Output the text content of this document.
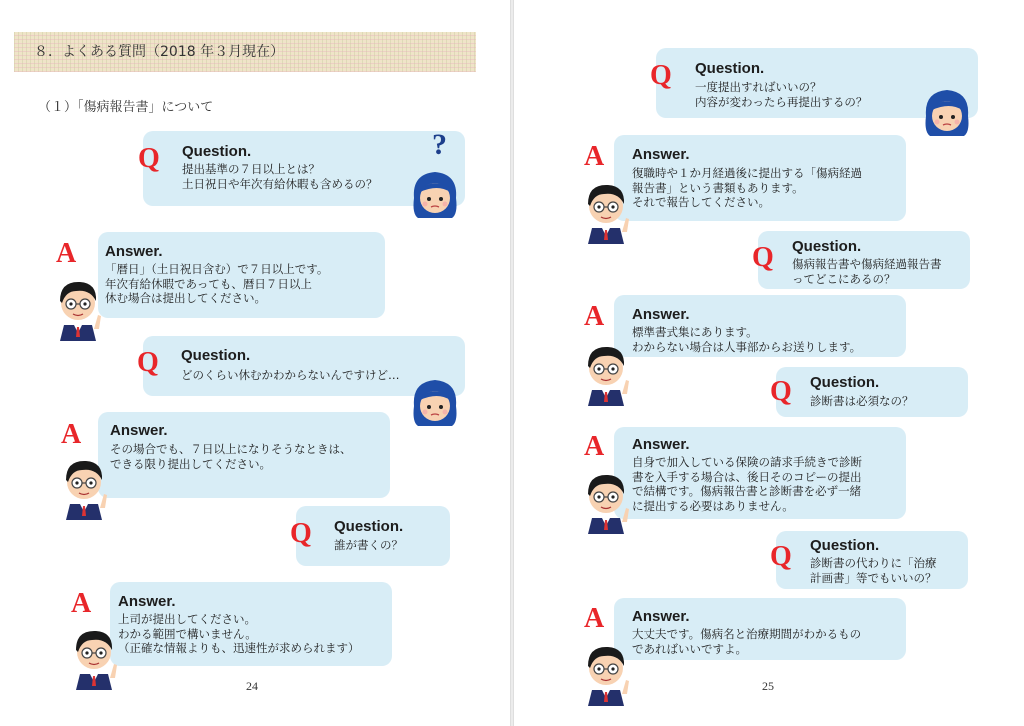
８．よくある質問（2018 年３月現在）
（１）「傷病報告書」について
Q Question.
提出基準の７日以上とは？
土日祝日や年次有給休暇も含めるの？
?
A Answer.
「暦日」（土日祝日含む）で７日以上です。
年次有給休暇であっても、暦日７日以上
休む場合は提出してください。
Q Question.
どのくらい休むかわからないんですけど…
A Answer.
その場合でも、７日以上になりそうなときは、
できる限り提出してください。
Q Question.
誰が書くの？
A Answer.
上司が提出してください。
わかる範囲で構いません。
（正確な情報よりも、迅速性が求められます）
24
Q Question.
一度提出すればいいの？
内容が変わったら再提出するの？
A Answer.
復職時や１か月経過後に提出する「傷病経過
報告書」という書類もあります。
それで報告してください。
Q Question.
傷病報告書や傷病経過報告書
ってどこにあるの？
A Answer.
標準書式集にあります。
わからない場合は人事部からお送りします。
Q Question.
診断書は必須なの？
A Answer.
自身で加入している保険の請求手続きで診断
書を入手する場合は、後日そのコピーの提出
で結構です。傷病報告書と診断書を必ず一緒
に提出する必要はありません。
Q Question.
診断書の代わりに「治療
計画書」等でもいいの？
A Answer.
大丈夫です。傷病名と治療期間がわかるもの
であればいいですよ。
25
